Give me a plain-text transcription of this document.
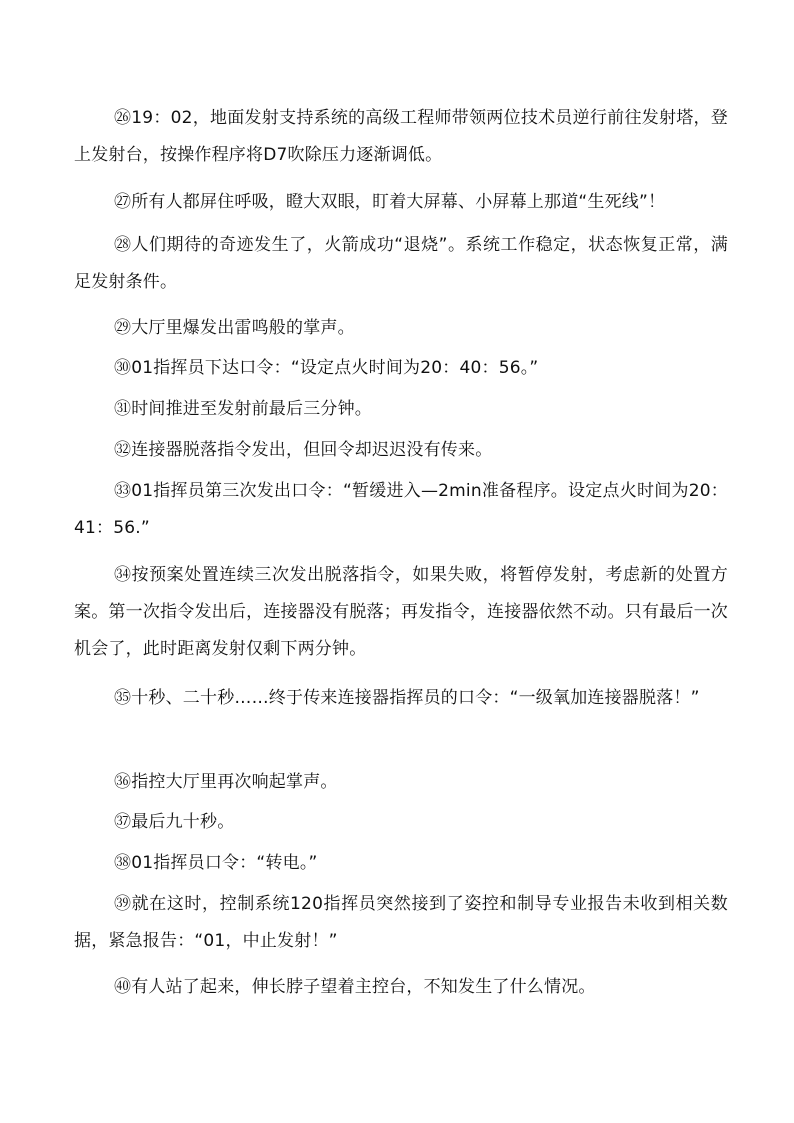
㉖19：02，地面发射支持系统的高级工程师带领两位技术员逆行前往发射塔，登上发射台，按操作程序将D7吹除压力逐渐调低。

㉗所有人都屏住呼吸，瞪大双眼，盯着大屏幕、小屏幕上那道“生死线”！

㉘人们期待的奇迹发生了，火箭成功“退烧”。系统工作稳定，状态恢复正常，满足发射条件。

㉙大厅里爆发出雷鸣般的掌声。

㉚01指挥员下达口令：“设定点火时间为20：40：56。”

㉛时间推进至发射前最后三分钟。

㉜连接器脱落指令发出，但回令却迟迟没有传来。

㉝01指挥员第三次发出口令：“暂缓进入—2min准备程序。设定点火时间为20：41：56.”

㉞按预案处置连续三次发出脱落指令，如果失败，将暂停发射，考虑新的处置方案。第一次指令发出后，连接器没有脱落；再发指令，连接器依然不动。只有最后一次机会了，此时距离发射仅剩下两分钟。

㉟十秒、二十秒……终于传来连接器指挥员的口令：“一级氧加连接器脱落！”

㊱指控大厅里再次响起掌声。

㊲最后九十秒。

㊳01指挥员口令：“转电。”

㊴就在这时，控制系统120指挥员突然接到了姿控和制导专业报告未收到相关数据，紧急报告：“01，中止发射！”

㊵有人站了起来，伸长脖子望着主控台，不知发生了什么情况。
